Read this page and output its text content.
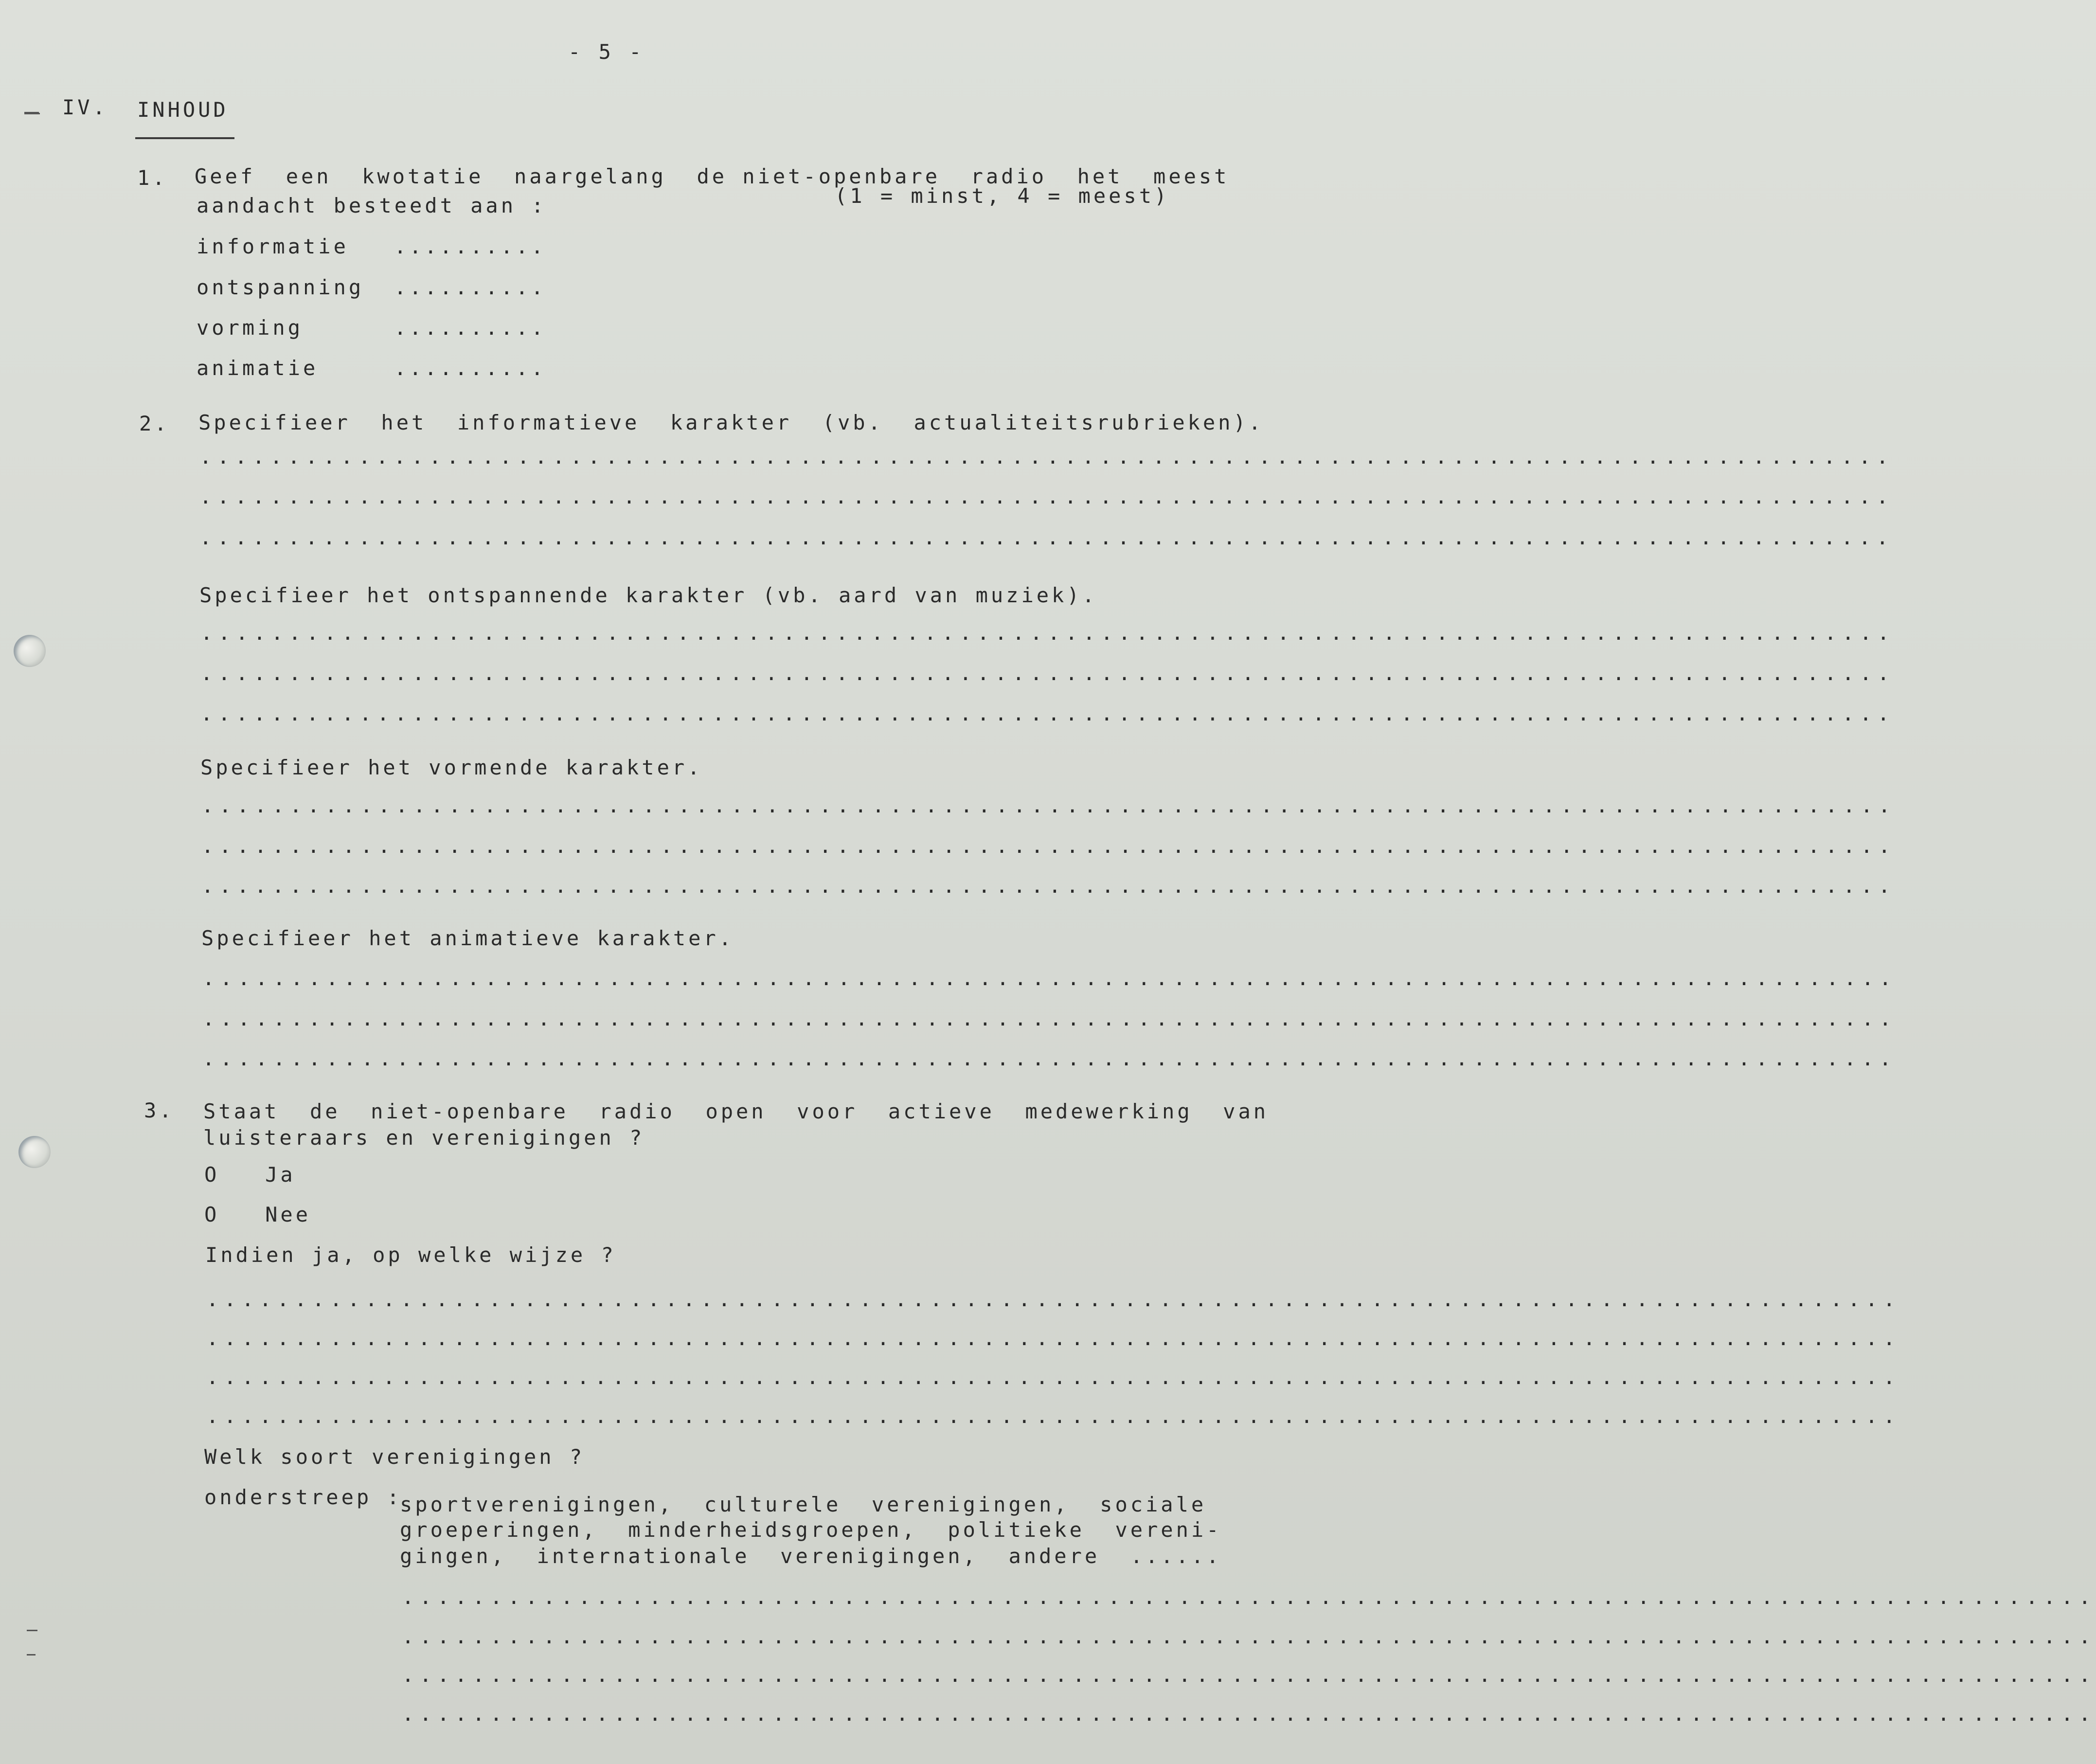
- 5 -
IV. INHOUD
1. Geef  een  kwotatie  naargelang  de niet-openbare  radio  het  meest
aandacht besteedt aan :	(1 = minst, 4 = meest)
informatie ..........
ontspanning ..........
vorming	..........
animatie	..........
2. Specifieer  het  informatieve  karakter  (vb.  actualiteitsrubrieken).
................................................................................................
................................................................................................
................................................................................................
Specifieer het ontspannende karakter (vb. aard van muziek).
................................................................................................
................................................................................................
................................................................................................
Specifieer het vormende karakter.
................................................................................................
................................................................................................
................................................................................................
Specifieer het animatieve karakter.
................................................................................................
................................................................................................
................................................................................................
3. Staat  de  niet-openbare  radio  open  voor  actieve  medewerking  van
luisteraars en verenigingen ?
O   Ja
O   Nee
Indien ja, op welke wijze ?
................................................................................................
................................................................................................
................................................................................................
................................................................................................
Welk soort verenigingen ?
onderstreep :
sportverenigingen,  culturele  verenigingen,  sociale
groeperingen,  minderheidsgroepen,  politieke  vereni-
gingen,  internationale  verenigingen,  andere  ......
................................................................................................
................................................................................................
................................................................................................
................................................................................................
